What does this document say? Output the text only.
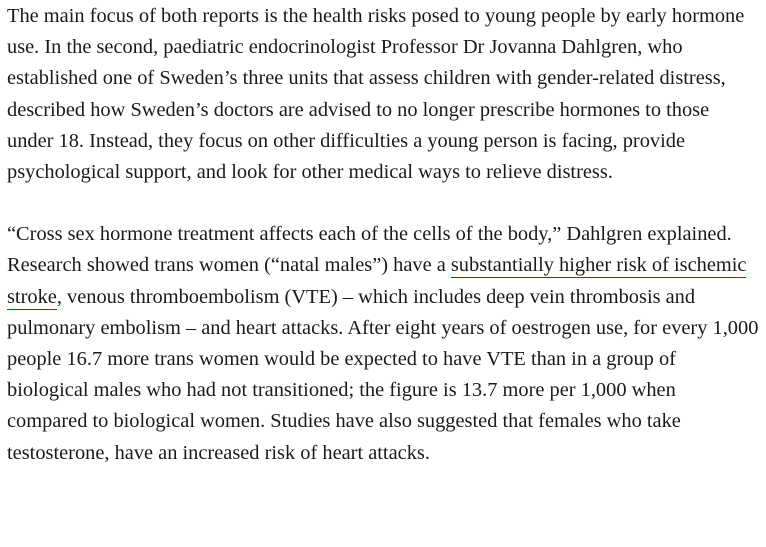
The main focus of both reports is the health risks posed to young people by early hormone use. In the second, paediatric endocrinologist Professor Dr Jovanna Dahlgren, who established one of Sweden’s three units that assess children with gender-related distress, described how Sweden’s doctors are advised to no longer prescribe hormones to those under 18. Instead, they focus on other difficulties a young person is facing, provide psychological support, and look for other medical ways to relieve distress.

“Cross sex hormone treatment affects each of the cells of the body,” Dahlgren explained. Research showed trans women (“natal males”) have a substantially higher risk of ischemic stroke, venous thromboembolism (VTE) – which includes deep vein thrombosis and pulmonary embolism – and heart attacks. After eight years of oestrogen use, for every 1,000 people 16.7 more trans women would be expected to have VTE than in a group of biological males who had not transitioned; the figure is 13.7 more per 1,000 when compared to biological women. Studies have also suggested that females who take testosterone, have an increased risk of heart attacks.
